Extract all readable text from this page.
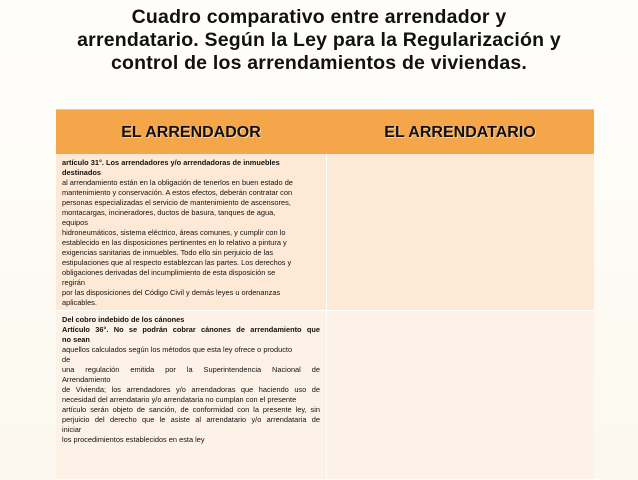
Cuadro comparativo entre arrendador y
arrendatario. Según la Ley para la Regularización y
control de los arrendamientos de viviendas.
EL ARRENDADOR	EL ARRENDATARIO
artículo 31°. Los arrendadores y/o arrendadoras de inmuebles
destinados
al arrendamiento están en la obligación de tenerlos en buen estado de
mantenimiento y conservación. A estos efectos, deberán contratar con
personas especializadas el servicio de mantenimiento de ascensores,
montacargas, incineradores, ductos de basura, tanques de agua,
equipos
hidroneumáticos, sistema eléctrico, áreas comunes, y cumplir con lo
establecido en las disposiciones pertinentes en lo relativo a pintura y
exigencias sanitarias de inmuebles. Todo ello sin perjuicio de las
estipulaciones que al respecto establezcan las partes. Los derechos y
obligaciones derivadas del incumplimiento de esta disposición se
regirán
por las disposiciones del Código Civil y demás leyes u ordenanzas
aplicables.
Del cobro indebido de los cánones
Artículo 36°. No se podrán cobrar cánones de arrendamiento que
no sean
aquellos calculados según los métodos que esta ley ofrece o producto
de
una regulación emitida por la Superintendencia Nacional de
Arrendamiento
de Vivienda; los arrendadores y/o arrendadoras que haciendo uso de
necesidad del arrendatario y/o arrendataria no cumplan con el presente
artículo serán objeto de sanción, de conformidad con la presente ley, sin
perjuicio del derecho que le asiste al arrendatario y/o arrendataria de
iniciar
los procedimientos establecidos en esta ley
